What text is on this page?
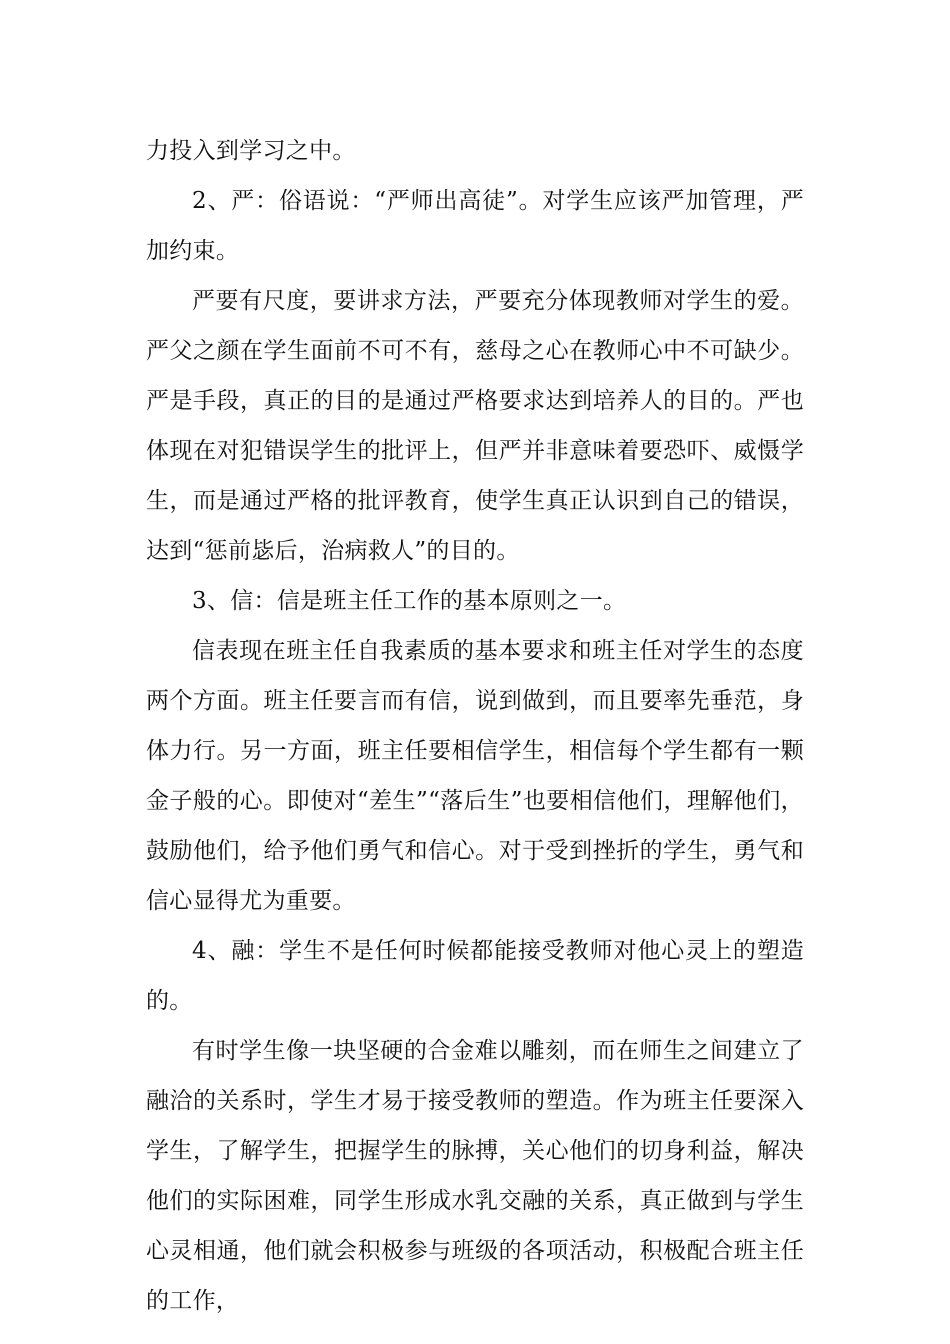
力投入到学习之中。

2、严：俗语说：“严师出高徒”。对学生应该严加管理，严加约束。

严要有尺度，要讲求方法，严要充分体现教师对学生的爱。严父之颜在学生面前不可不有，慈母之心在教师心中不可缺少。严是手段，真正的目的是通过严格要求达到培养人的目的。严也体现在对犯错误学生的批评上，但严并非意味着要恐吓、威慑学生，而是通过严格的批评教育，使学生真正认识到自己的错误，达到“惩前毖后，治病救人”的目的。

3、信：信是班主任工作的基本原则之一。

信表现在班主任自我素质的基本要求和班主任对学生的态度两个方面。班主任要言而有信，说到做到，而且要率先垂范，身体力行。另一方面，班主任要相信学生，相信每个学生都有一颗金子般的心。即使对“差生”“落后生”也要相信他们，理解他们，鼓励他们，给予他们勇气和信心。对于受到挫折的学生，勇气和信心显得尤为重要。

4、融：学生不是任何时候都能接受教师对他心灵上的塑造的。

有时学生像一块坚硬的合金难以雕刻，而在师生之间建立了融洽的关系时，学生才易于接受教师的塑造。作为班主任要深入学生，了解学生，把握学生的脉搏，关心他们的切身利益，解决他们的实际困难，同学生形成水乳交融的关系，真正做到与学生心灵相通，他们就会积极参与班级的各项活动，积极配合班主任的工作，
